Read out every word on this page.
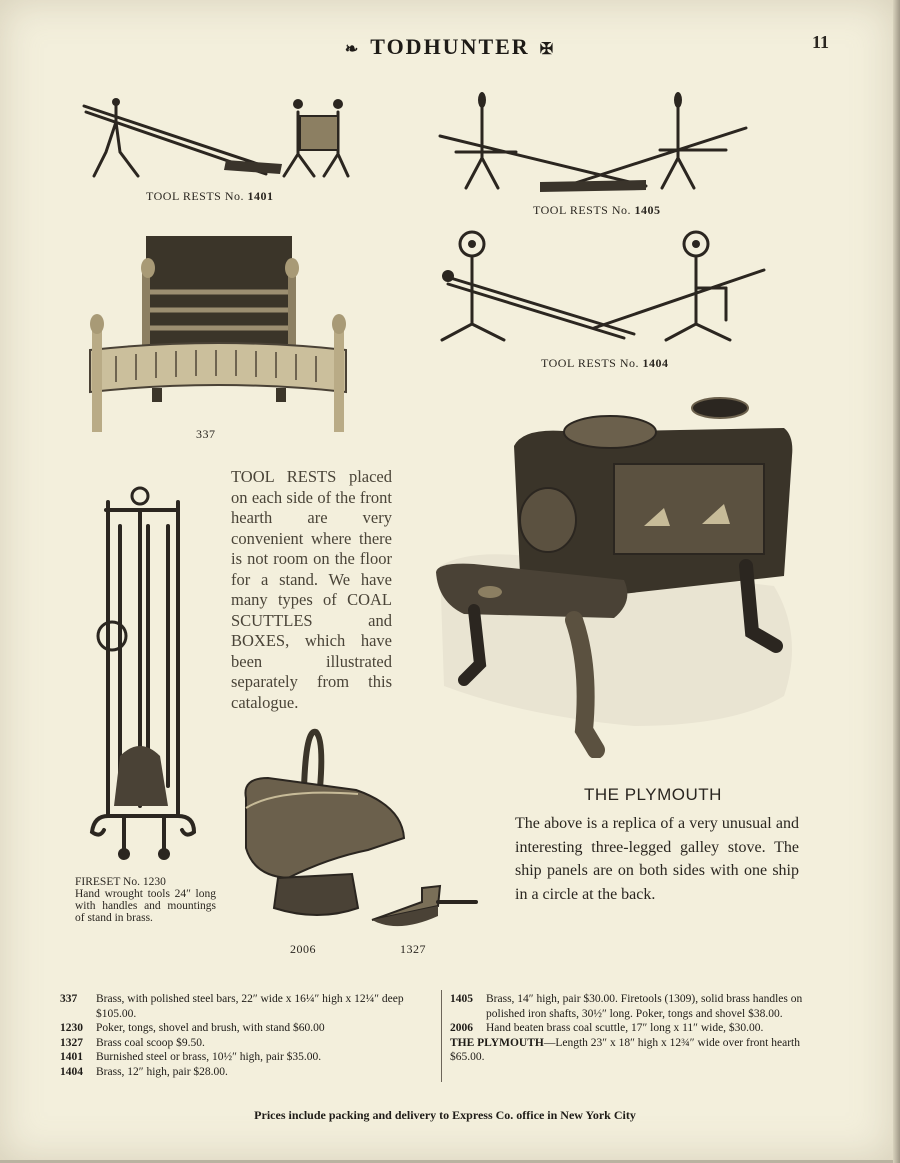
❧ TODHUNTER ✠	11
TOOL RESTS No. 1401
TOOL RESTS No. 1405
337
TOOL RESTS No. 1404
TOOL RESTS placed on each side of the front hearth are very convenient where there is not room on the floor for a stand. We have many types of COAL SCUTTLES and BOXES, which have been illustrated separately from this catalogue.
FIRESET No. 1230
Hand wrought tools 24″ long with handles and mountings of stand in brass.
2006	1327
THE PLYMOUTH
The above is a replica of a very unusual and interesting three-legged galley stove. The ship panels are on both sides with one ship in a circle at the back.
337 Brass, with polished steel bars, 22″ wide x 16¼″ high x 12¼″ deep $105.00.
1230 Poker, tongs, shovel and brush, with stand $60.00
1327 Brass coal scoop $9.50.
1401 Burnished steel or brass, 10½″ high, pair $35.00.
1404 Brass, 12″ high, pair $28.00.
1405 Brass, 14″ high, pair $30.00. Firetools (1309), solid brass handles on polished iron shafts, 30½″ long. Poker, tongs and shovel $38.00.
2006 Hand beaten brass coal scuttle, 17″ long x 11″ wide, $30.00.
THE PLYMOUTH—Length 23″ x 18″ high x 12¾″ wide over front hearth $65.00.
Prices include packing and delivery to Express Co. office in New York City
